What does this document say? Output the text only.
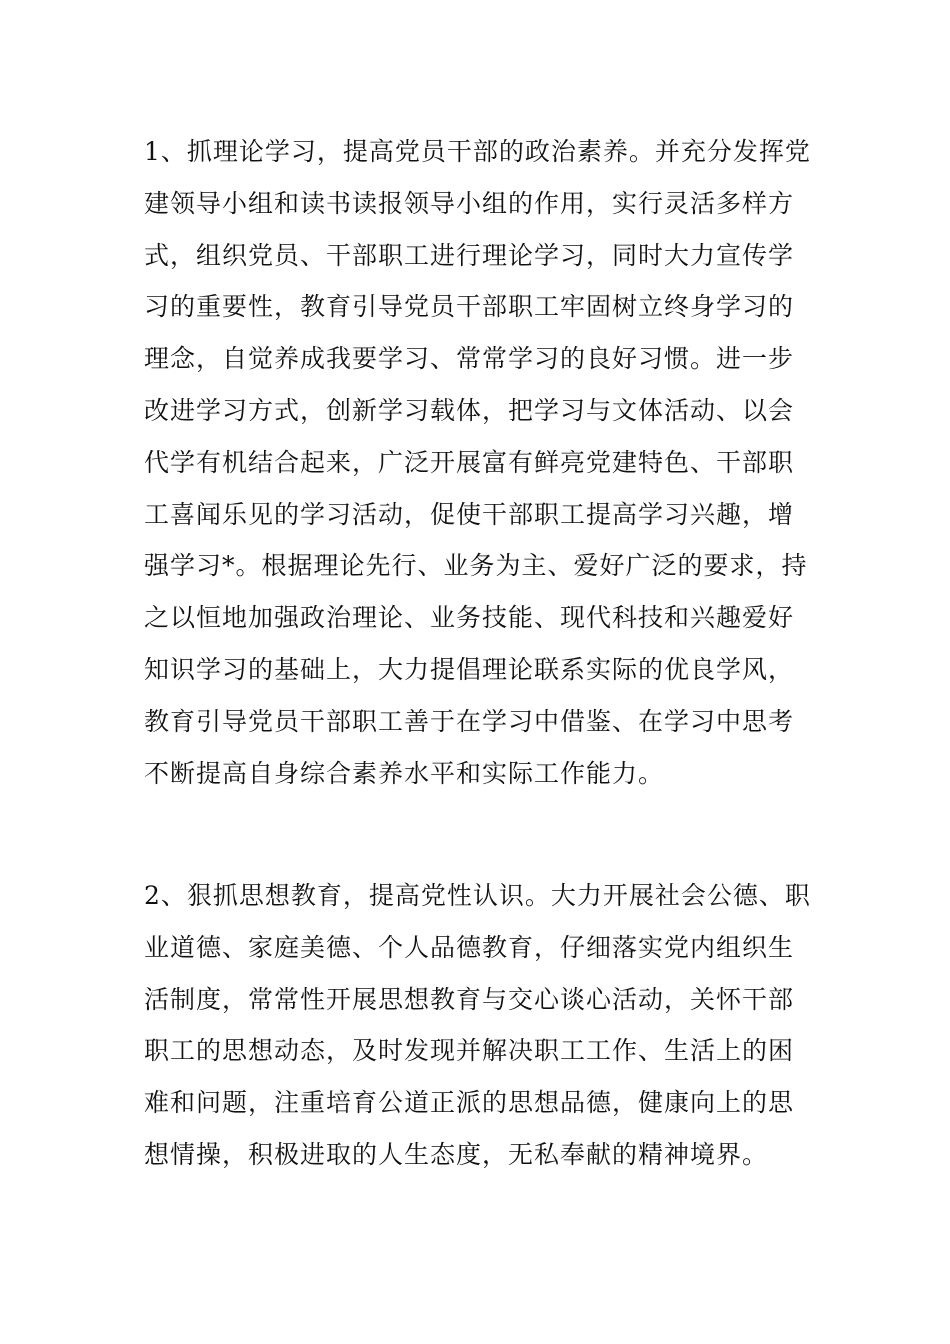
1、抓理论学习，提高党员干部的政治素养。并充分发挥党
建领导小组和读书读报领导小组的作用，实行灵活多样方
式，组织党员、干部职工进行理论学习，同时大力宣传学
习的重要性，教育引导党员干部职工牢固树立终身学习的
理念，自觉养成我要学习、常常学习的良好习惯。进一步
改进学习方式，创新学习载体，把学习与文体活动、以会
代学有机结合起来，广泛开展富有鲜亮党建特色、干部职
工喜闻乐见的学习活动，促使干部职工提高学习兴趣，增
强学习*。根据理论先行、业务为主、爱好广泛的要求，持
之以恒地加强政治理论、业务技能、现代科技和兴趣爱好
知识学习的基础上，大力提倡理论联系实际的优良学风，
教育引导党员干部职工善于在学习中借鉴、在学习中思考
不断提高自身综合素养水平和实际工作能力。

2、狠抓思想教育，提高党性认识。大力开展社会公德、职
业道德、家庭美德、个人品德教育，仔细落实党内组织生
活制度，常常性开展思想教育与交心谈心活动，关怀干部
职工的思想动态，及时发现并解决职工工作、生活上的困
难和问题，注重培育公道正派的思想品德，健康向上的思
想情操，积极进取的人生态度，无私奉献的精神境界。
